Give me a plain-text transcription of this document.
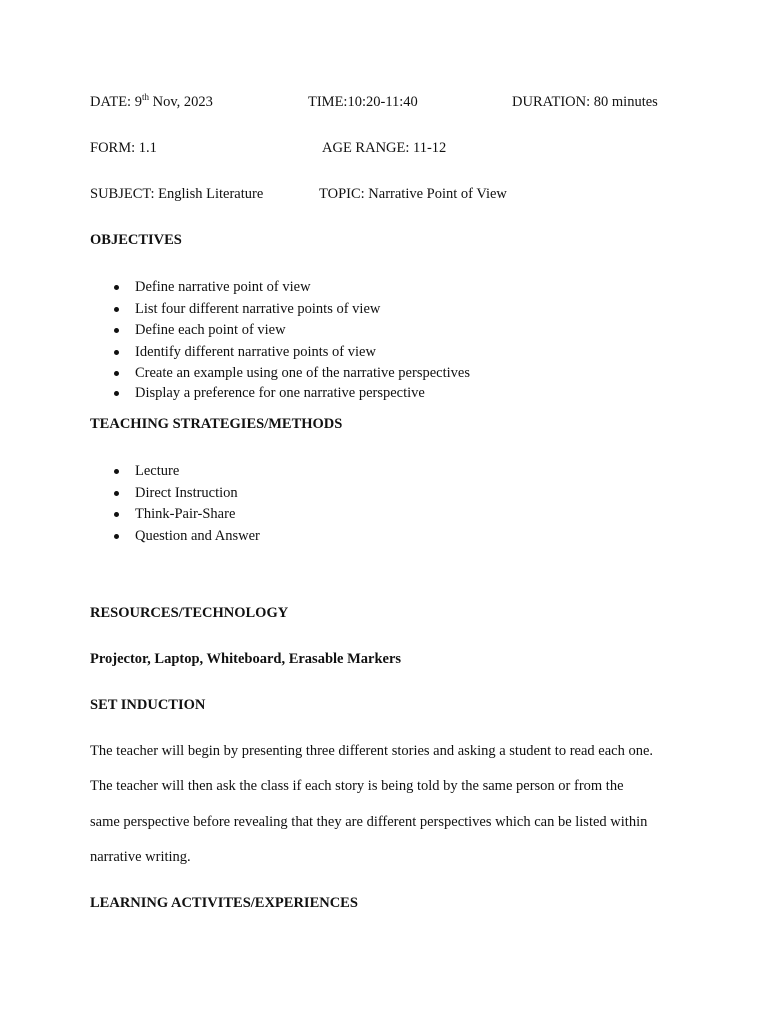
DATE: 9th Nov, 2023	TIME:10:20-11:40	DURATION: 80 minutes
FORM: 1.1	AGE RANGE: 11-12
SUBJECT: English Literature	TOPIC: Narrative Point of View
OBJECTIVES
Define narrative point of view
List four different narrative points of view
Define each point of view
Identify different narrative points of view
Create an example using one of the narrative perspectives
Display a preference for one narrative perspective
TEACHING STRATEGIES/METHODS
Lecture
Direct Instruction
Think-Pair-Share
Question and Answer
RESOURCES/TECHNOLOGY
Projector, Laptop, Whiteboard, Erasable Markers
SET INDUCTION
The teacher will begin by presenting three different stories and asking a student to read each one.
The teacher will then ask the class if each story is being told by the same person or from the
same perspective before revealing that they are different perspectives which can be listed within
narrative writing.
LEARNING ACTIVITES/EXPERIENCES
